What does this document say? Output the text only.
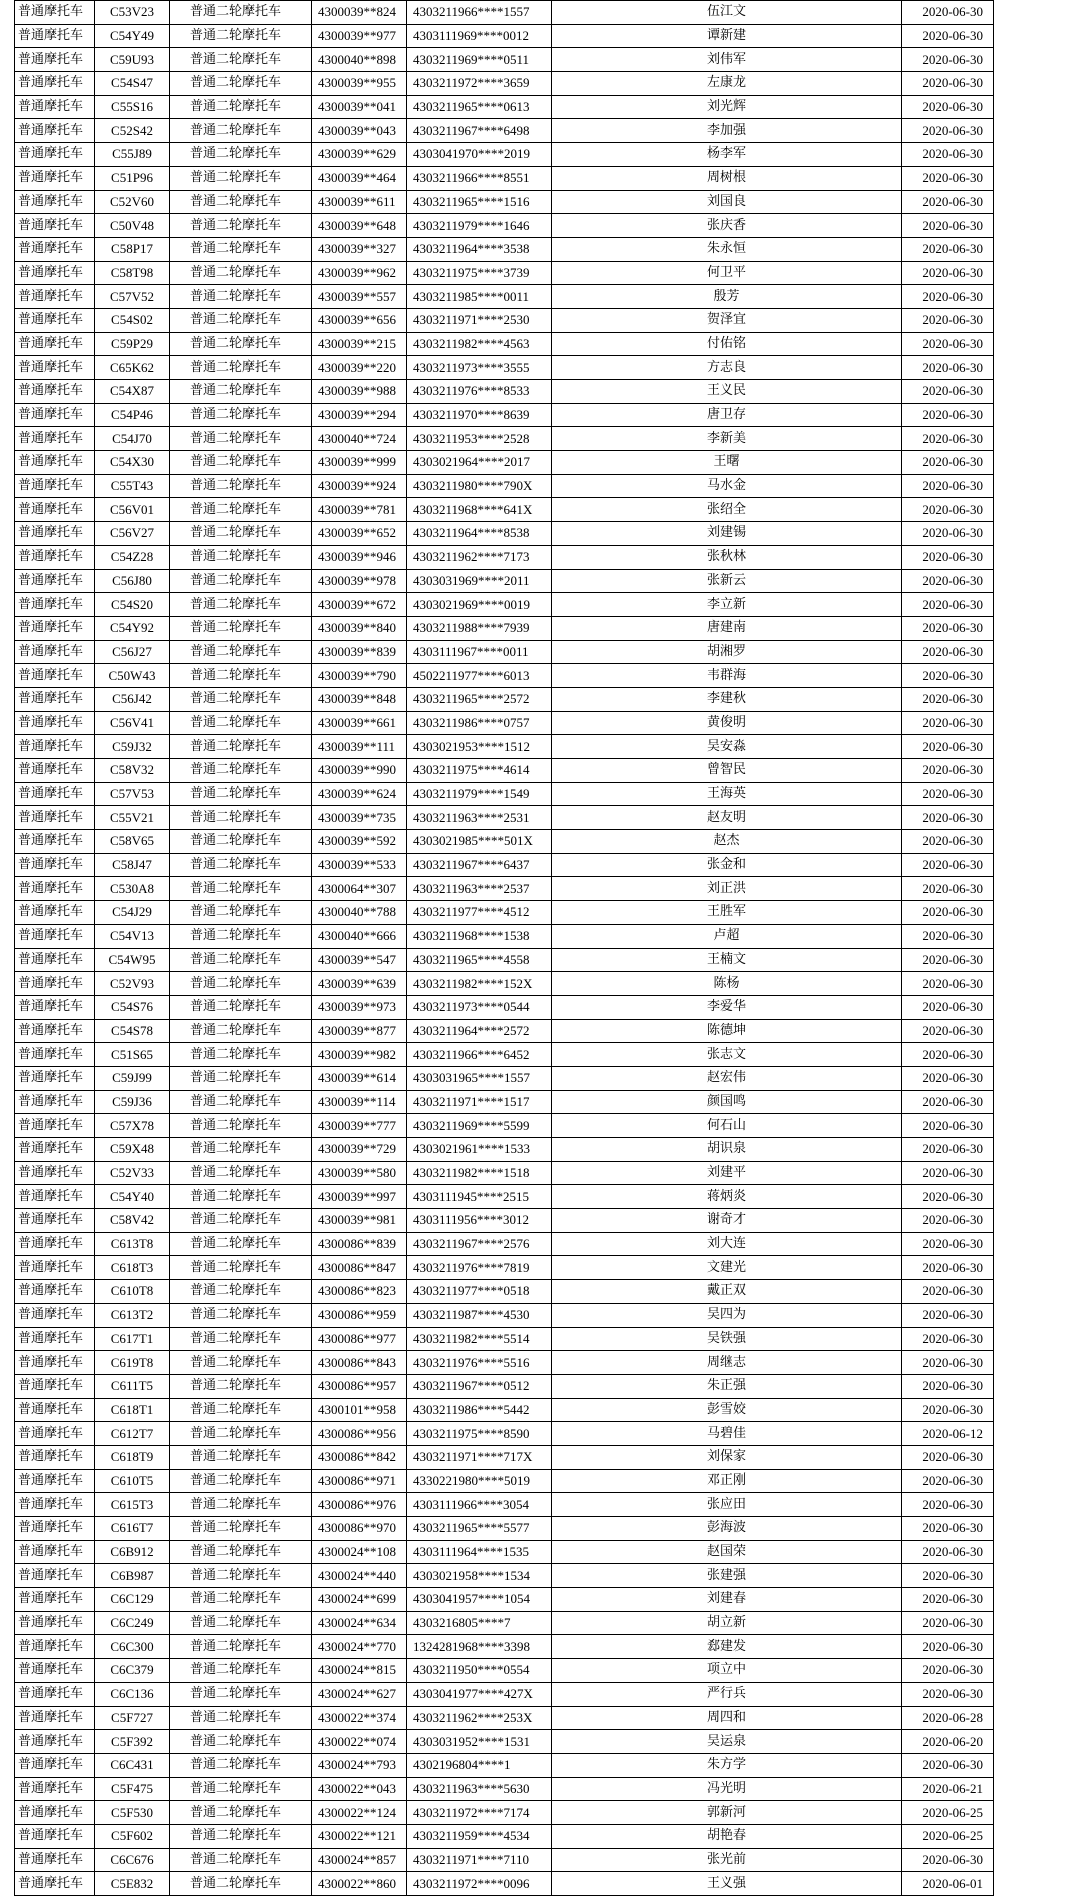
普通摩托车	C53V23	普通二轮摩托车	4300039**824	4303211966****1557	伍江文	2020-06-30
普通摩托车	C54Y49	普通二轮摩托车	4300039**977	4303111969****0012	谭新建	2020-06-30
普通摩托车	C59U93	普通二轮摩托车	4300040**898	4303211969****0511	刘伟军	2020-06-30
普通摩托车	C54S47	普通二轮摩托车	4300039**955	4303211972****3659	左康龙	2020-06-30
普通摩托车	C55S16	普通二轮摩托车	4300039**041	4303211965****0613	刘光辉	2020-06-30
普通摩托车	C52S42	普通二轮摩托车	4300039**043	4303211967****6498	李加强	2020-06-30
普通摩托车	C55J89	普通二轮摩托车	4300039**629	4303041970****2019	杨李军	2020-06-30
普通摩托车	C51P96	普通二轮摩托车	4300039**464	4303211966****8551	周树根	2020-06-30
普通摩托车	C52V60	普通二轮摩托车	4300039**611	4303211965****1516	刘国良	2020-06-30
普通摩托车	C50V48	普通二轮摩托车	4300039**648	4303211979****1646	张庆香	2020-06-30
普通摩托车	C58P17	普通二轮摩托车	4300039**327	4303211964****3538	朱永恒	2020-06-30
普通摩托车	C58T98	普通二轮摩托车	4300039**962	4303211975****3739	何卫平	2020-06-30
普通摩托车	C57V52	普通二轮摩托车	4300039**557	4303211985****0011	殷芳	2020-06-30
普通摩托车	C54S02	普通二轮摩托车	4300039**656	4303211971****2530	贺泽宜	2020-06-30
普通摩托车	C59P29	普通二轮摩托车	4300039**215	4303211982****4563	付佑铭	2020-06-30
普通摩托车	C65K62	普通二轮摩托车	4300039**220	4303211973****3555	方志良	2020-06-30
普通摩托车	C54X87	普通二轮摩托车	4300039**988	4303211976****8533	王义民	2020-06-30
普通摩托车	C54P46	普通二轮摩托车	4300039**294	4303211970****8639	唐卫存	2020-06-30
普通摩托车	C54J70	普通二轮摩托车	4300040**724	4303211953****2528	李新美	2020-06-30
普通摩托车	C54X30	普通二轮摩托车	4300039**999	4303021964****2017	王曙	2020-06-30
普通摩托车	C55T43	普通二轮摩托车	4300039**924	4303211980****790X	马水金	2020-06-30
普通摩托车	C56V01	普通二轮摩托车	4300039**781	4303211968****641X	张绍全	2020-06-30
普通摩托车	C56V27	普通二轮摩托车	4300039**652	4303211964****8538	刘建锡	2020-06-30
普通摩托车	C54Z28	普通二轮摩托车	4300039**946	4303211962****7173	张秋林	2020-06-30
普通摩托车	C56J80	普通二轮摩托车	4300039**978	4303031969****2011	张新云	2020-06-30
普通摩托车	C54S20	普通二轮摩托车	4300039**672	4303021969****0019	李立新	2020-06-30
普通摩托车	C54Y92	普通二轮摩托车	4300039**840	4303211988****7939	唐建南	2020-06-30
普通摩托车	C56J27	普通二轮摩托车	4300039**839	4303111967****0011	胡湘罗	2020-06-30
普通摩托车	C50W43	普通二轮摩托车	4300039**790	4502211977****6013	韦群海	2020-06-30
普通摩托车	C56J42	普通二轮摩托车	4300039**848	4303211965****2572	李建秋	2020-06-30
普通摩托车	C56V41	普通二轮摩托车	4300039**661	4303211986****0757	黄俊明	2020-06-30
普通摩托车	C59J32	普通二轮摩托车	4300039**111	4303021953****1512	吴安淼	2020-06-30
普通摩托车	C58V32	普通二轮摩托车	4300039**990	4303211975****4614	曾智民	2020-06-30
普通摩托车	C57V53	普通二轮摩托车	4300039**624	4303211979****1549	王海英	2020-06-30
普通摩托车	C55V21	普通二轮摩托车	4300039**735	4303211963****2531	赵友明	2020-06-30
普通摩托车	C58V65	普通二轮摩托车	4300039**592	4303021985****501X	赵杰	2020-06-30
普通摩托车	C58J47	普通二轮摩托车	4300039**533	4303211967****6437	张金和	2020-06-30
普通摩托车	C530A8	普通二轮摩托车	4300064**307	4303211963****2537	刘正洪	2020-06-30
普通摩托车	C54J29	普通二轮摩托车	4300040**788	4303211977****4512	王胜军	2020-06-30
普通摩托车	C54V13	普通二轮摩托车	4300040**666	4303211968****1538	卢超	2020-06-30
普通摩托车	C54W95	普通二轮摩托车	4300039**547	4303211965****4558	王楠文	2020-06-30
普通摩托车	C52V93	普通二轮摩托车	4300039**639	4303211982****152X	陈杨	2020-06-30
普通摩托车	C54S76	普通二轮摩托车	4300039**973	4303211973****0544	李爱华	2020-06-30
普通摩托车	C54S78	普通二轮摩托车	4300039**877	4303211964****2572	陈德坤	2020-06-30
普通摩托车	C51S65	普通二轮摩托车	4300039**982	4303211966****6452	张志文	2020-06-30
普通摩托车	C59J99	普通二轮摩托车	4300039**614	4303031965****1557	赵宏伟	2020-06-30
普通摩托车	C59J36	普通二轮摩托车	4300039**114	4303211971****1517	颜国鸣	2020-06-30
普通摩托车	C57X78	普通二轮摩托车	4300039**777	4303211969****5599	何石山	2020-06-30
普通摩托车	C59X48	普通二轮摩托车	4300039**729	4303021961****1533	胡识泉	2020-06-30
普通摩托车	C52V33	普通二轮摩托车	4300039**580	4303211982****1518	刘建平	2020-06-30
普通摩托车	C54Y40	普通二轮摩托车	4300039**997	4303111945****2515	蒋炳炎	2020-06-30
普通摩托车	C58V42	普通二轮摩托车	4300039**981	4303111956****3012	谢奇才	2020-06-30
普通摩托车	C613T8	普通二轮摩托车	4300086**839	4303211967****2576	刘大连	2020-06-30
普通摩托车	C618T3	普通二轮摩托车	4300086**847	4303211976****7819	文建光	2020-06-30
普通摩托车	C610T8	普通二轮摩托车	4300086**823	4303211977****0518	戴正双	2020-06-30
普通摩托车	C613T2	普通二轮摩托车	4300086**959	4303211987****4530	吴四为	2020-06-30
普通摩托车	C617T1	普通二轮摩托车	4300086**977	4303211982****5514	吴铁强	2020-06-30
普通摩托车	C619T8	普通二轮摩托车	4300086**843	4303211976****5516	周继志	2020-06-30
普通摩托车	C611T5	普通二轮摩托车	4300086**957	4303211967****0512	朱正强	2020-06-30
普通摩托车	C618T1	普通二轮摩托车	4300101**958	4303211986****5442	彭雪姣	2020-06-30
普通摩托车	C612T7	普通二轮摩托车	4300086**956	4303211975****8590	马碧佳	2020-06-12
普通摩托车	C618T9	普通二轮摩托车	4300086**842	4303211971****717X	刘保家	2020-06-30
普通摩托车	C610T5	普通二轮摩托车	4300086**971	4330221980****5019	邓正刚	2020-06-30
普通摩托车	C615T3	普通二轮摩托车	4300086**976	4303111966****3054	张应田	2020-06-30
普通摩托车	C616T7	普通二轮摩托车	4300086**970	4303211965****5577	彭海波	2020-06-30
普通摩托车	C6B912	普通二轮摩托车	4300024**108	4303111964****1535	赵国荣	2020-06-30
普通摩托车	C6B987	普通二轮摩托车	4300024**440	4303021958****1534	张建强	2020-06-30
普通摩托车	C6C129	普通二轮摩托车	4300024**699	4303041957****1054	刘建春	2020-06-30
普通摩托车	C6C249	普通二轮摩托车	4300024**634	4303216805****7	胡立新	2020-06-30
普通摩托车	C6C300	普通二轮摩托车	4300024**770	1324281968****3398	郄建发	2020-06-30
普通摩托车	C6C379	普通二轮摩托车	4300024**815	4303211950****0554	项立中	2020-06-30
普通摩托车	C6C136	普通二轮摩托车	4300024**627	4303041977****427X	严行兵	2020-06-30
普通摩托车	C5F727	普通二轮摩托车	4300022**374	4303211962****253X	周四和	2020-06-28
普通摩托车	C5F392	普通二轮摩托车	4300022**074	4303031952****1531	吴运泉	2020-06-20
普通摩托车	C6C431	普通二轮摩托车	4300024**793	4302196804****1	朱方学	2020-06-30
普通摩托车	C5F475	普通二轮摩托车	4300022**043	4303211963****5630	冯光明	2020-06-21
普通摩托车	C5F530	普通二轮摩托车	4300022**124	4303211972****7174	郭新河	2020-06-25
普通摩托车	C5F602	普通二轮摩托车	4300022**121	4303211959****4534	胡艳春	2020-06-25
普通摩托车	C6C676	普通二轮摩托车	4300024**857	4303211971****7110	张光前	2020-06-30
普通摩托车	C5E832	普通二轮摩托车	4300022**860	4303211972****0096	王义强	2020-06-01
